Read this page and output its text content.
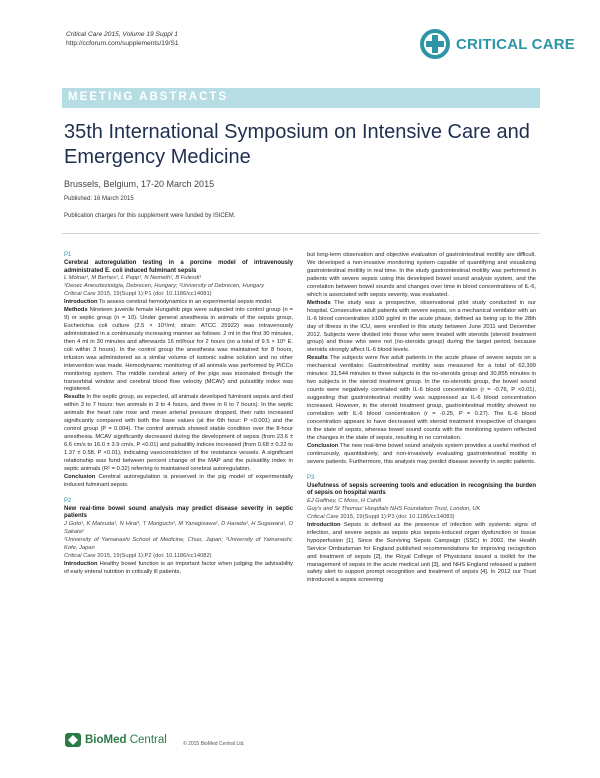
Critical Care 2015, Volume 19 Suppl 1
http://ccforum.com/supplements/19/S1	CRITICAL CARE
MEETING ABSTRACTS
35th International Symposium on Intensive Care and Emergency Medicine
Brussels, Belgium, 17-20 March 2015
Published: 16 March 2015
Publication charges for this supplement were funded by ISICEM.

P1

Cerebral autoregulation testing in a porcine model of intravenously administrated E. coli induced fulminant sepsis

L Molnar¹, M Berhes¹, L Papp¹, N Nemeth², B Fulesdi¹

¹Deoec Anesztezioógia, Debrecen, Hungary; ²University of Debrecen, Hungary

Critical Care 2015, 19(Suppl 1):P1 (doi: 10.1186/cc14081)

Introduction To assess cerebral hemodynamics in an experimental sepsis model.

Methods Nineteen juvenile female Hungahib pigs were subjected into control group (n = 9) or septic group (n = 10). Under general anesthesia in animals of the sepsis group, Escherichia coli culture (2.5 × 10⁹/ml; strain: ATCC 25922) was intravenously administrated in a continuously increasing manner as follows: 2 ml in the first 30 minutes, then 4 ml in 30 minutes and afterwards 16 ml/hour for 2 hours (so a total of 9.5 × 10⁹ E. coli within 3 hours). In the control group the anesthesia was maintained for 8 hours, infusion was administered as a similar volume of isotonic saline solution and no other intervention was made. Hemodynamic monitoring of all animals was performed by PiCCo monitoring system. The middle cerebral artery of the pigs was insonated through the transorbital window and cerebral blood flow velocity (MCAV) and pulsatility index was registered.

Results In the septic group, as expected, all animals developed fulminant sepsis and died within 3 to 7 hours: two animals in 3 to 4 hours, and three in 6 to 7 hours). In the septic animals the heart rate rose and mean arterial pressure dropped, their ratio increased significantly compared with both the base values (at the 6th hour: P <0.001) and the control group (P = 0.004). The control animals showed stable condition over the 8-hour anesthesia. MCAV significantly decreased during the development of sepsis (from 23.6 ± 6.6 cm/s to 16.0 ± 3.9 cm/s, P <0.01) and pulsatility indices increased (from 0.68 ± 0.22 to 1.37 ± 0.58, P <0.01), indicating vasoconstriction of the resistance vessels. A significant relationship was fund between percent change of the MAP and the pulsatility index in septic animals (R² = 0.32) referring to maintained cerebral autoregulation.

Conclusion Cerebral autoregulation is preserved in the pig model of experimentally induced fulminant sepsis.

P2

New real-time bowel sound analysis may predict disease severity in septic patients

J Goto¹, K Matsuda¹, N Hirai¹, T Moriguchi¹, M Yanagisawa¹, D Harada¹, H Sugawara¹, O Sakata²

¹University of Yamanashi School of Medicine, Chuo, Japan; ²University of Yamanashi, Kofe, Japan

Critical Care 2015, 19(Suppl 1):P2 (doi: 10.1186/cc14082)

Introduction Healthy bowel function is an important factor when judging the advisability of early enteral nutrition in critically ill patients,

but long-term observation and objective evaluation of gastrointestinal motility are difficult. We developed a non-invasive monitoring system capable of quantifying and visualizing gastrointestinal motility in real time. In the study gastrointestinal motility was performed in patients with severe sepsis using this developed bowel sound analysis system, and the correlation between bowel sounds and changes over time in blood concentrations of IL-6, which is associated with sepsis severity, was evaluated.

Methods The study was a prospective, observational pilot study conducted in our hospital. Consecutive adult patients with severe sepsis, on a mechanical ventilator with an IL-6 blood concentration ≥100 pg/ml in the acute phase, defined as being up to the 28th day of illness in the ICU, were enrolled in this study between June 2011 and December 2012. Subjects were divided into those who were treated with steroids (steroid treatment group) and those who were not (no-steroids group) during the target period, because steroids strongly affect IL-6 blood levels.

Results The subjects were five adult patients in the acute phase of severe sepsis on a mechanical ventilator. Gastrointestinal motility was measured for a total of 62,399 minutes: 31,544 minutes in three subjects in the no-steroids group and 30,855 minutes in two subjects in the steroid treatment group. In the no-steroids group, the bowel sound counts were negatively correlated with IL-6 blood concentration (r = -0.76, P <0.01), suggesting that gastrointestinal motility was suppressed as IL-6 blood concentration increased. However, in the steroid treatment group, gastrointestinal motility showed no correlation with IL-6 blood concentration (r = -0.25, P = 0.27). The IL-6 blood concentration appears to have decreased with steroid treatment irrespective of changes in the state of sepsis, whereas bowel sound counts with the monitoring system reflected the changes in the state of sepsis, resulting in no correlation.

Conclusion The new real-time bowel sound analysis system provides a useful method of continuously, quantitatively, and non-invasively evaluating gastrointestinal motility in severe patients. Furthermore, this analysis may predict disease severity in septic patients.

P3

Usefulness of sepsis screening tools and education in recognising the burden of sepsis on hospital wards

EJ Gaffney, C Moss, H Cahill

Guy's and St Thomas' Hospitals NHS Foundation Trust, London, UK

Critical Care 2015, 19(Suppl 1):P3 (doi: 10.1186/cc14083)

Introduction Sepsis is defined as the presence of infection with systemic signs of infection, and severe sepsis as sepsis plus sepsis-induced organ dysfunction or tissue hypoperfusion [1]. Since the Surviving Sepsis Campaign (SSC) in 2002, the Health Service Ombudsman for England published recommendations for improving recognition and treatment of sepsis [2], the Royal College of Physicians issued a toolkit for the management of sepsis in the acute medical unit [3], and NHS England released a patient safety alert to support prompt recognition and treatment of sepsis [4]. In 2012 our Trust introduced a sepsis screening

BioMed Central	© 2015 BioMed Central Ltd.
